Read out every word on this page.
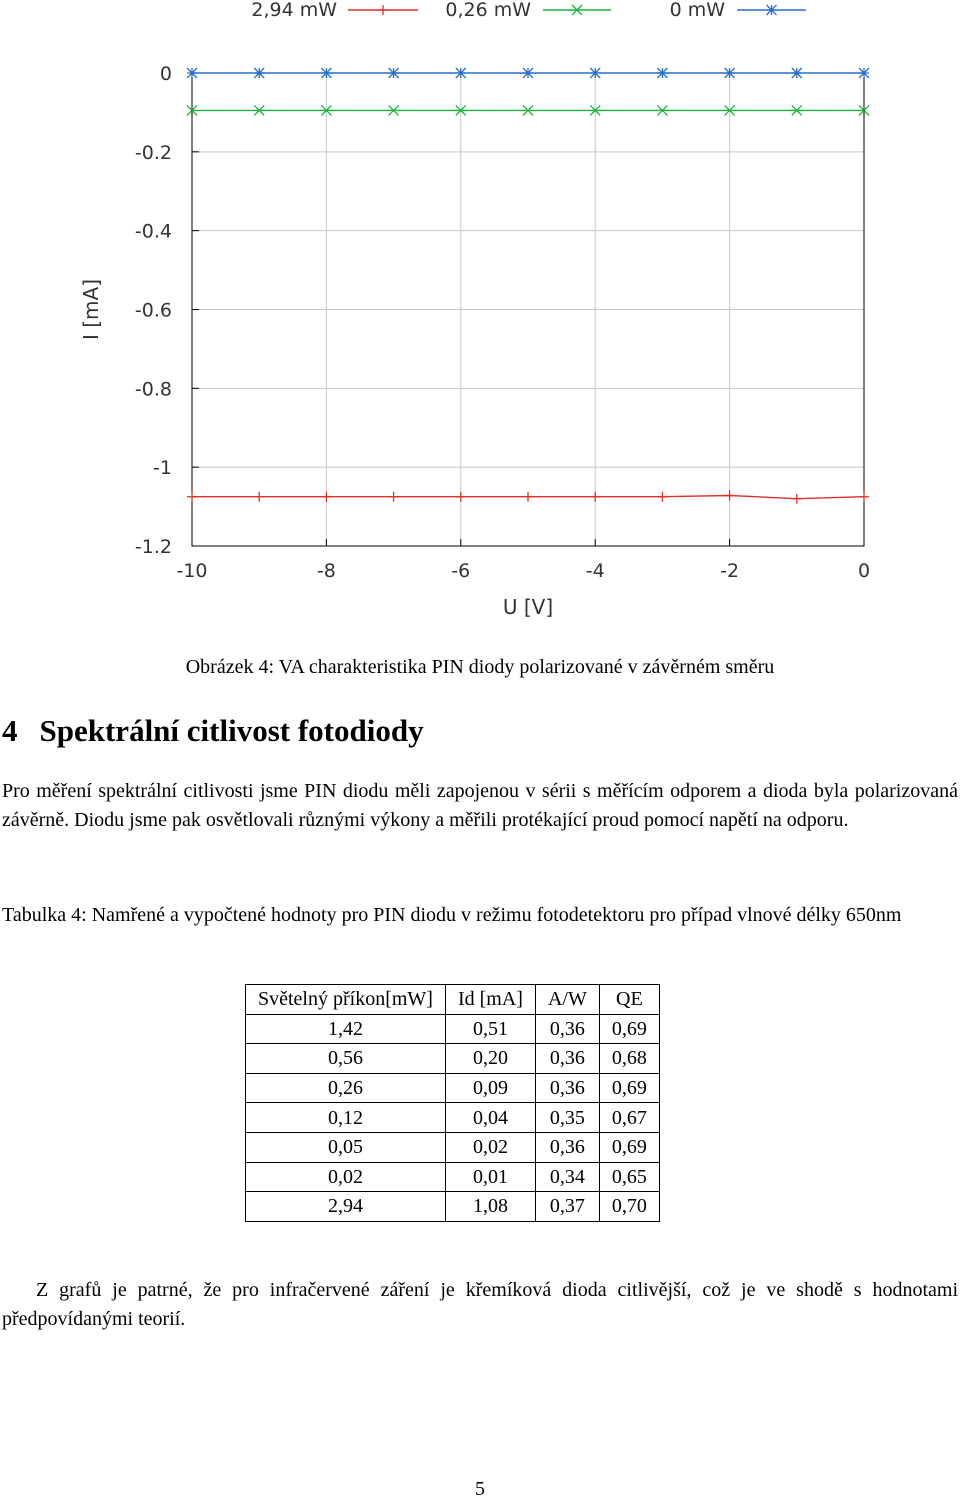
-10	-8	-6	-4	-2	0
0
-0.2
-0.4
-0.6
-0.8
-1
-1.2
U [V]
I [mA]
2,94 mW	0,26 mW	0 mW
Obrázek 4: VA charakteristika PIN diody polarizované v závěrném směru
4 Spektrální citlivost fotodiody

Pro měření spektrální citlivosti jsme PIN diodu měli zapojenou v sérii s měřícím odporem a dioda byla polarizovaná závěrně. Diodu jsme pak osvětlovali různými výkony a měřili protékající proud pomocí napětí na odporu.

Tabulka 4: Namřené a vypočtené hodnoty pro PIN diodu v režimu fotodetektoru pro případ vlnové délky 650nm

Světelný příkon[mW]	Id [mA]	A/W	QE
1,42	0,51	0,36	0,69
0,56	0,20	0,36	0,68
0,26	0,09	0,36	0,69
0,12	0,04	0,35	0,67
0,05	0,02	0,36	0,69
0,02	0,01	0,34	0,65
2,94	1,08	0,37	0,70

Z grafů je patrné, že pro infračervené záření je křemíková dioda citlivější, což je ve shodě s hodnotami předpovídanými teorií.

5
